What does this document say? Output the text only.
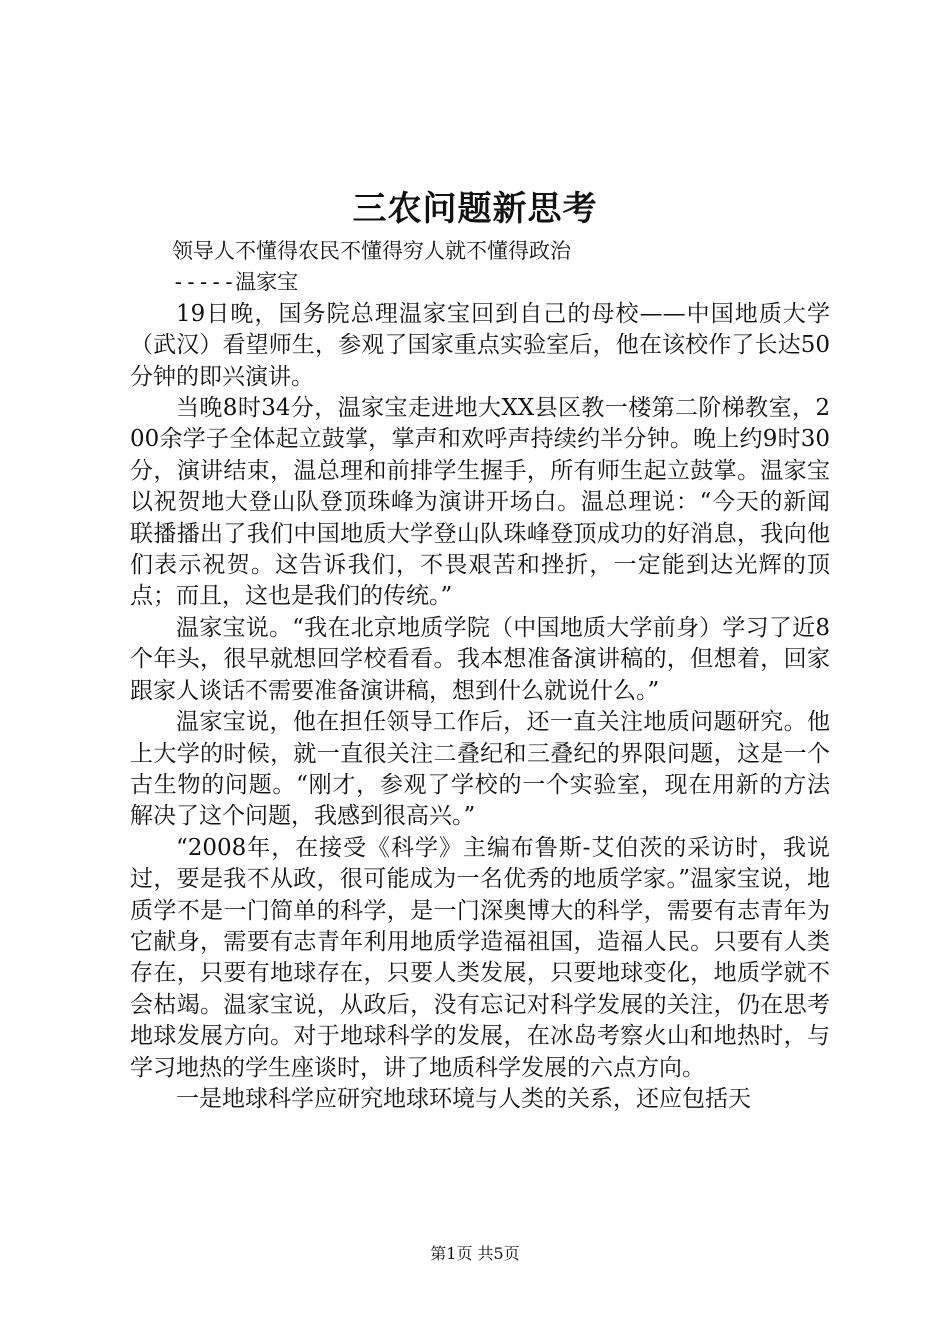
三农问题新思考

领导人不懂得农民不懂得穷人就不懂得政治

-----温家宝

19日晚，国务院总理温家宝回到自己的母校——中国地质大学（武汉）看望师生，参观了国家重点实验室后，他在该校作了长达50分钟的即兴演讲。

当晚8时34分，温家宝走进地大XX县区教一楼第二阶梯教室，200余学子全体起立鼓掌，掌声和欢呼声持续约半分钟。晚上约9时30分，演讲结束，温总理和前排学生握手，所有师生起立鼓掌。温家宝以祝贺地大登山队登顶珠峰为演讲开场白。温总理说：“今天的新闻联播播出了我们中国地质大学登山队珠峰登顶成功的好消息，我向他们表示祝贺。这告诉我们，不畏艰苦和挫折，一定能到达光辉的顶点；而且，这也是我们的传统。”

温家宝说。“我在北京地质学院（中国地质大学前身）学习了近8个年头，很早就想回学校看看。我本想准备演讲稿的，但想着，回家跟家人谈话不需要准备演讲稿，想到什么就说什么。”

温家宝说，他在担任领导工作后，还一直关注地质问题研究。他上大学的时候，就一直很关注二叠纪和三叠纪的界限问题，这是一个古生物的问题。“刚才，参观了学校的一个实验室，现在用新的方法解决了这个问题，我感到很高兴。”

“2008年，在接受《科学》主编布鲁斯-艾伯茨的采访时，我说过，要是我不从政，很可能成为一名优秀的地质学家。”温家宝说，地质学不是一门简单的科学，是一门深奥博大的科学，需要有志青年为它献身，需要有志青年利用地质学造福祖国，造福人民。只要有人类存在，只要有地球存在，只要人类发展，只要地球变化，地质学就不会枯竭。温家宝说，从政后，没有忘记对科学发展的关注，仍在思考地球发展方向。对于地球科学的发展，在冰岛考察火山和地热时，与学习地热的学生座谈时，讲了地质科学发展的六点方向。

一是地球科学应研究地球环境与人类的关系，还应包括天

第1页 共5页
